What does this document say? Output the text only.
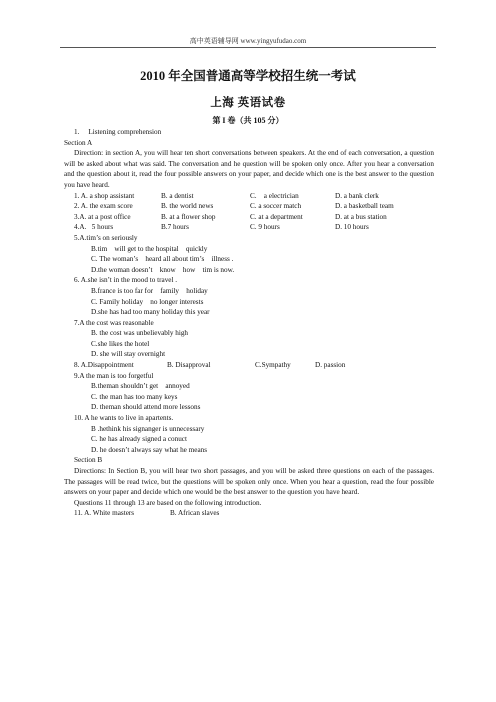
高中英语辅导网 www.yingyufudao.com
2010 年全国普通高等学校招生统一考试
上海 英语试卷
第 I 卷（共 105 分）
1.     Listening comprehension
Section A
Direction: in section A, you will hear ten short conversations between speakers. At the end of each conversation, a question will be asked about what was said. The conversation and he question will be spoken only once. After you hear a conversation and the question about it, read the four possible answers on your paper, and decide which one is the best answer to the question you have heard.
1. A. a shop assistant	B. a dentist	C.    a electrician	D. a bank clerk
2. A. the exam score	B. the world news	C. a soccer match	D. a basketball team
3.A. at a post office	B. at a flower shop	C. at a department	D. at a bus station
4.A.   5 hours	B.7 hours	C. 9 hours	D. 10 hours
5.A.tim’s on seriously
B.tim    will get to the hospital    quickly
C. The woman’s    heard all about tim’s    illness .
D.the woman doesn’t    know    how    tim is now.
6. A.she isn’t in the mood to travel .
B.france is too far for    family    holiday
C. Family holiday    no longer interests
D.she has had too many holiday this year
7.A the cost was reasonable
B. the cost was unbelievably high
C.she likes the hotel
D. she will stay overnight
8. A.Disappointment	B. Disapproval	C.Sympathy	D. passion
9.A the man is too forgetful
B.theman shouldn’t get    annoyed
C. the man has too many keys
D. theman should attend more lessons
10. A he wants to live in apartents.
B .hethink his signanger is unnecessary
C. he has already signed a conuct
D. he doesn’t always say what he means
Section B
Directions: In Section B, you will hear two short passages, and you will be asked three questions on each of the passages. The passages will be read twice, but the questions will be spoken only once. When you hear a question, read the four possible answers on your paper and decide which one would be the best answer to the question you have heard.
Questions 11 through 13 are based on the following introduction.
11. A. White masters	B. African slaves
